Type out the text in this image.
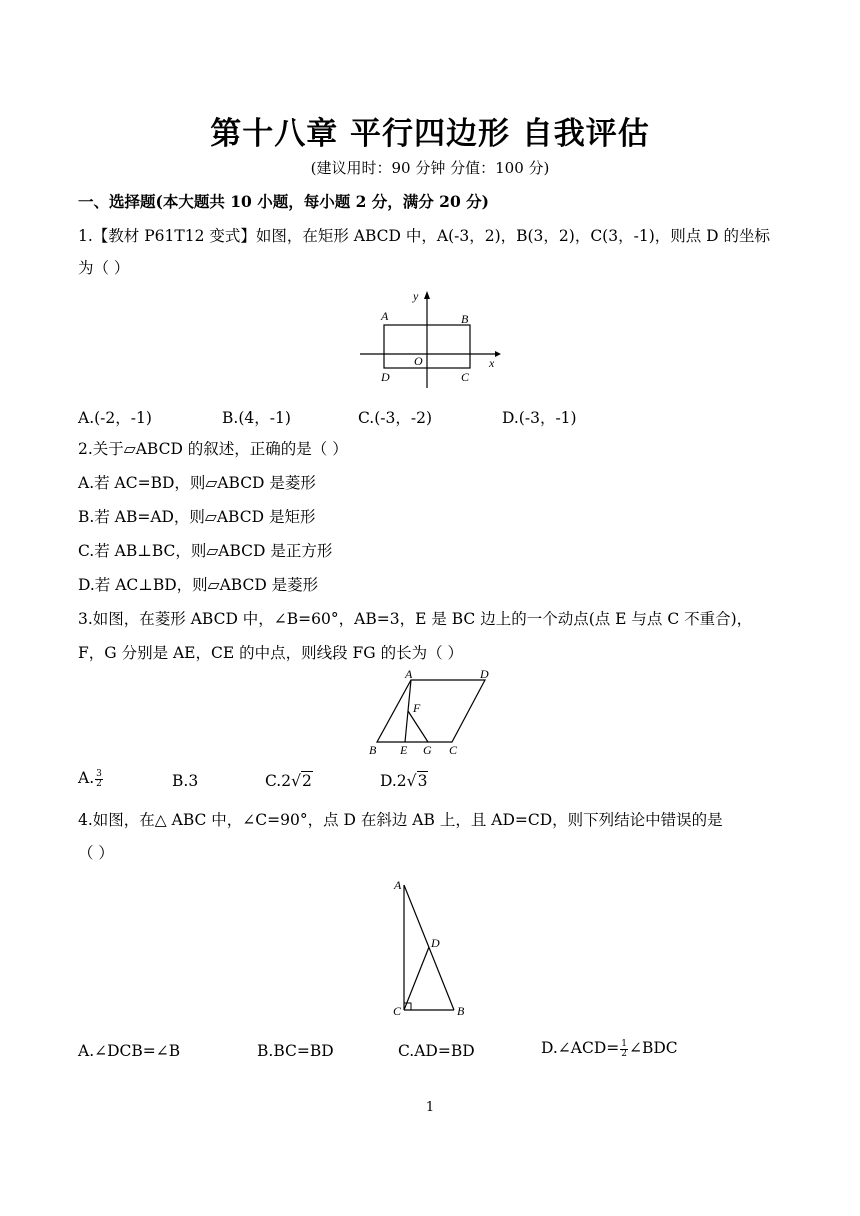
第十八章 平行四边形 自我评估
(建议用时：90 分钟 分值：100 分)
一、选择题(本大题共 10 小题，每小题 2 分，满分 20 分)
1.【教材 P61T12 变式】如图，在矩形 ABCD 中，A(-3，2)，B(3，2)，C(3，-1)，则点 D 的坐标
为（ ）
y
x
O
A	B
C
D
A.(-2，-1)	B.(4，-1)	C.(-3，-2)	D.(-3，-1)
2.关于▱ABCD 的叙述，正确的是（ ）
A.若 AC=BD，则▱ABCD 是菱形
B.若 AB=AD，则▱ABCD 是矩形
C.若 AB⊥BC，则▱ABCD 是正方形
D.若 AC⊥BD，则▱ABCD 是菱形
3.如图，在菱形 ABCD 中，∠B=60°，AB=3，E 是 BC 边上的一个动点(点 E 与点 C 不重合)，
F，G 分别是 AE，CE 的中点，则线段 FG 的长为（ ）
A	D
F
B E G C
A. $\frac{3}{2}$	B.3	C.2√2	D.2√3
4.如图，在△ ABC 中，∠C=90°，点 D 在斜边 AB 上，且 AD=CD，则下列结论中错误的是
（ ）
A
D
C	B
A.∠DCB=∠B	B.BC=BD	C.AD=BD	D.∠ACD= $\frac{1}{2}$ ∠BDC
1
